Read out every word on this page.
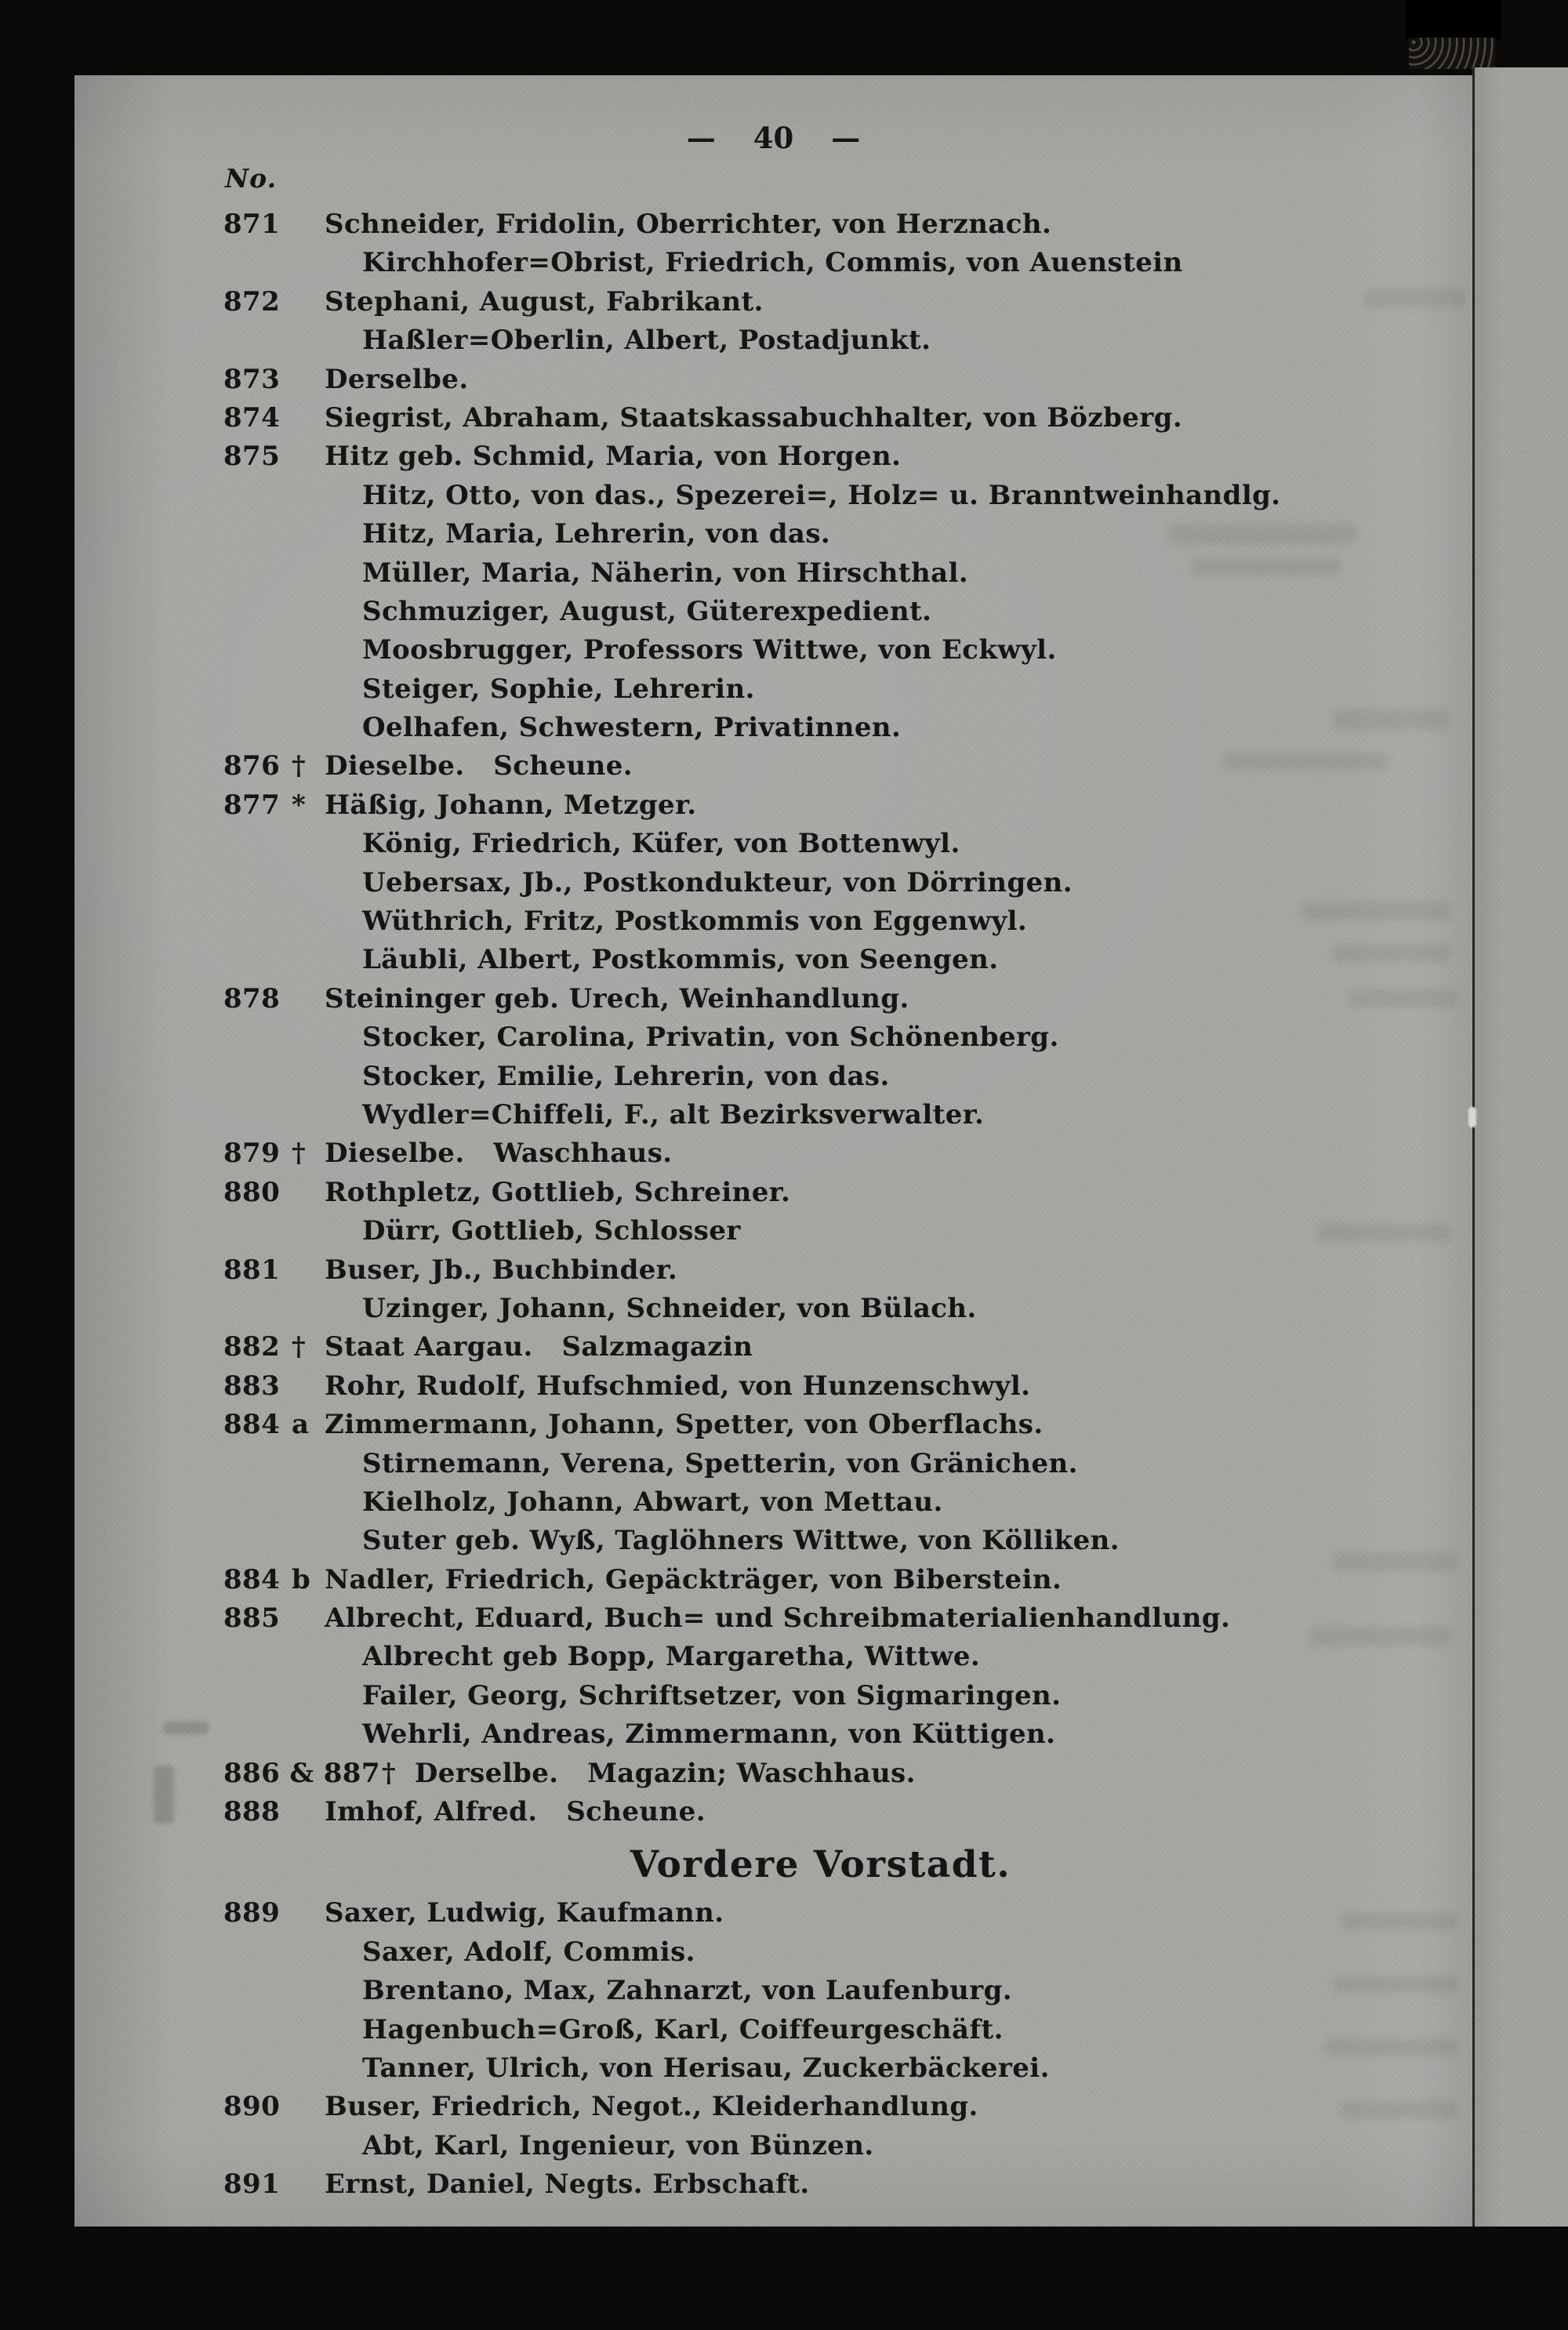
— 40 —
No.
871	Schneider, Fridolin, Oberrichter, von Herznach.
Kirchhofer=Obrist, Friedrich, Commis, von Auenstein
872	Stephani, August, Fabrikant.
Haßler=Oberlin, Albert, Postadjunkt.
873	Derselbe.
874	Siegrist, Abraham, Staatskassabuchhalter, von Bözberg.
875	Hitz geb. Schmid, Maria, von Horgen.
Hitz, Otto, von das., Spezerei=, Holz= u. Branntweinhandlg.
Hitz, Maria, Lehrerin, von das.
Müller, Maria, Näherin, von Hirschthal.
Schmuziger, August, Güterexpedient.
Moosbrugger, Professors Wittwe, von Eckwyl.
Steiger, Sophie, Lehrerin.
Oelhafen, Schwestern, Privatinnen.
876 † Dieselbe.   Scheune.
877 * Häßig, Johann, Metzger.
König, Friedrich, Küfer, von Bottenwyl.
Uebersax, Jb., Postkondukteur, von Dörringen.
Wüthrich, Fritz, Postkommis von Eggenwyl.
Läubli, Albert, Postkommis, von Seengen.
878	Steininger geb. Urech, Weinhandlung.
Stocker, Carolina, Privatin, von Schönenberg.
Stocker, Emilie, Lehrerin, von das.
Wydler=Chiffeli, F., alt Bezirksverwalter.
879 † Dieselbe.   Waschhaus.
880	Rothpletz, Gottlieb, Schreiner.
Dürr, Gottlieb, Schlosser
881	Buser, Jb., Buchbinder.
Uzinger, Johann, Schneider, von Bülach.
882 † Staat Aargau.   Salzmagazin
883	Rohr, Rudolf, Hufschmied, von Hunzenschwyl.
884 a Zimmermann, Johann, Spetter, von Oberflachs.
Stirnemann, Verena, Spetterin, von Gränichen.
Kielholz, Johann, Abwart, von Mettau.
Suter geb. Wyß, Taglöhners Wittwe, von Kölliken.
884 b Nadler, Friedrich, Gepäckträger, von Biberstein.
885	Albrecht, Eduard, Buch= und Schreibmaterialienhandlung.
Albrecht geb Bopp, Margaretha, Wittwe.
Failer, Georg, Schriftsetzer, von Sigmaringen.
Wehrli, Andreas, Zimmermann, von Küttigen.
886 & 887 † Derselbe.   Magazin; Waschhaus.
888	Imhof, Alfred.   Scheune.
Vordere Vorstadt.
889	Saxer, Ludwig, Kaufmann.
Saxer, Adolf, Commis.
Brentano, Max, Zahnarzt, von Laufenburg.
Hagenbuch=Groß, Karl, Coiffeurgeschäft.
Tanner, Ulrich, von Herisau, Zuckerbäckerei.
890	Buser, Friedrich, Negot., Kleiderhandlung.
Abt, Karl, Ingenieur, von Bünzen.
891	Ernst, Daniel, Negts. Erbschaft.
